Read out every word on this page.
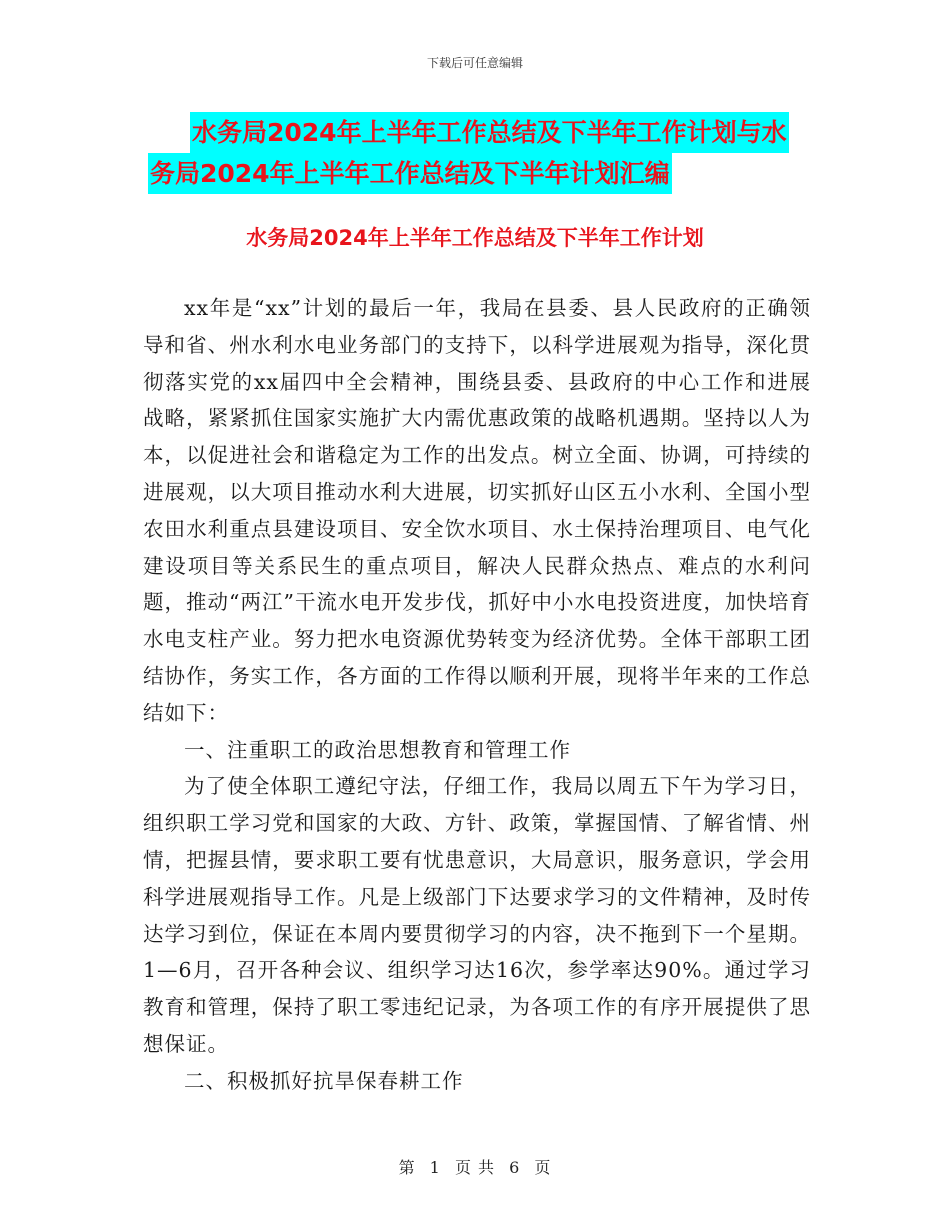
下载后可任意编辑
水务局2024年上半年工作总结及下半年工作计划与水
务局2024年上半年工作总结及下半年计划汇编
水务局2024年上半年工作总结及下半年工作计划

xx年是“xx”计划的最后一年，我局在县委、县人民政府的正确领导和省、州水利水电业务部门的支持下，以科学进展观为指导，深化贯彻落实党的xx届四中全会精神，围绕县委、县政府的中心工作和进展战略，紧紧抓住国家实施扩大内需优惠政策的战略机遇期。坚持以人为本，以促进社会和谐稳定为工作的出发点。树立全面、协调，可持续的进展观，以大项目推动水利大进展，切实抓好山区五小水利、全国小型农田水利重点县建设项目、安全饮水项目、水土保持治理项目、电气化建设项目等关系民生的重点项目，解决人民群众热点、难点的水利问题，推动“两江”干流水电开发步伐，抓好中小水电投资进度，加快培育水电支柱产业。努力把水电资源优势转变为经济优势。全体干部职工团结协作，务实工作，各方面的工作得以顺利开展，现将半年来的工作总结如下：

一、注重职工的政治思想教育和管理工作

为了使全体职工遵纪守法，仔细工作，我局以周五下午为学习日，组织职工学习党和国家的大政、方针、政策，掌握国情、了解省情、州情，把握县情，要求职工要有忧患意识，大局意识，服务意识，学会用科学进展观指导工作。凡是上级部门下达要求学习的文件精神，及时传达学习到位，保证在本周内要贯彻学习的内容，决不拖到下一个星期。1—6月，召开各种会议、组织学习达16次，参学率达90%。通过学习教育和管理，保持了职工零违纪记录，为各项工作的有序开展提供了思想保证。

二、积极抓好抗旱保春耕工作

第 1 页 共 6 页
